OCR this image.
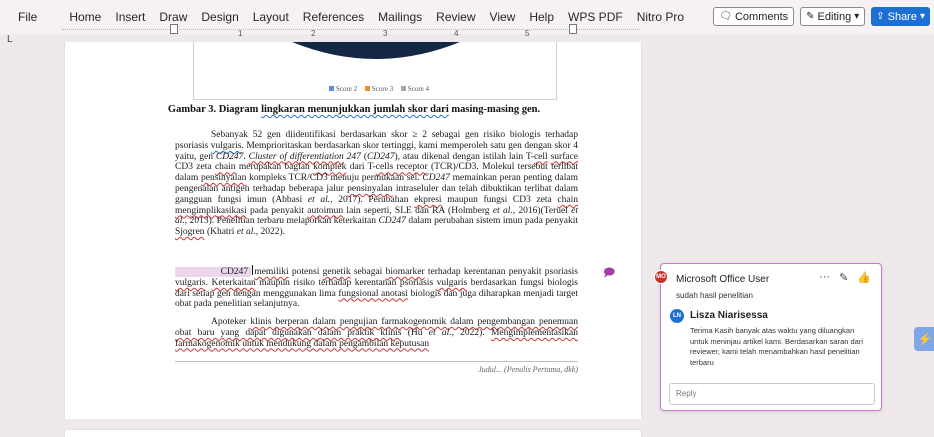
File	Home	Insert	Draw	Design	Layout	References	Mailings	Review	View	Help	WPS PDF	Nitro Pro	🗨 Comments ✎ Editing ▾ ⇪ Share ▾
L
1	2	3	4	5
Score 2 Score 3 Score 4
Gambar 3. Diagram lingkaran menunjukkan jumlah skor dari masing-masing gen.
Sebanyak 52 gen diidentifikasi berdasarkan skor ≥ 2 sebagai gen risiko biologis terhadap psoriasis vulgaris. Memprioritaskan berdasarkan skor tertinggi, kami memperoleh satu gen dengan skor 4 yaitu, gen CD247. Cluster of differentiation 247 (CD247), atau dikenal dengan istilah lain T-cell surface CD3 zeta chain merupakan bagian komplek dari T-cells receptor (TCR)/CD3. Molekul tersebut terlibat dalam pensinyalan kompleks TCR/CD3 menuju permukaan sel. CD247 memainkan peran penting dalam pengenalan antigen terhadap beberapa jalur pensinyalan intraseluler dan telah dibuktikan terlibat dalam gangguan fungsi imun (Abbasi et al., 2017). Perubahan ekpresi maupun fungsi CD3 zeta chain mengimplikasikasi pada penyakit autoimun lain seperti, SLE dan RA (Holmberg et al., 2016)(Teruel et al., 2013). Penelitian terbaru melaporkan keterkaitan CD247 dalam perubahan sistem imun pada penyakit Sjogren (Khatri et al., 2022).
CD247 memiliki potensi genetik sebagai biomarker terhadap kerentanan penyakit psoriasis vulgaris. Keterkaitan maupun risiko terhadap kerentanan psoriasis vulgaris berdasarkan fungsi biologis dari setiap gen dengan menggunakan lima fungsional anotasi biologis dan juga diharapkan menjadi target obat pada penelitian selanjutnya.
Apoteker klinis berperan dalam pengujian farmakogenomik dalam pengembangan penemuan obat baru yang dapat digunakan dalam praktik klinis (Hu et al., 2022). Mengimplementasikan farmakogenomik untuk mendukung dalam pengambilan keputusan
Judul... (Penulis Pertama, dkk)
🗩	MO Microsoft Office User	··· ✎ 👍
sudah hasil penelitian
LN Lisza Niarisessa
Terima Kasih banyak atas waktu yang diluangkan untuk meninjau artikel kami. Berdasarkan saran dari reviewer, kami telah menambahkan hasil penelitian terbaru
Reply
⚡
